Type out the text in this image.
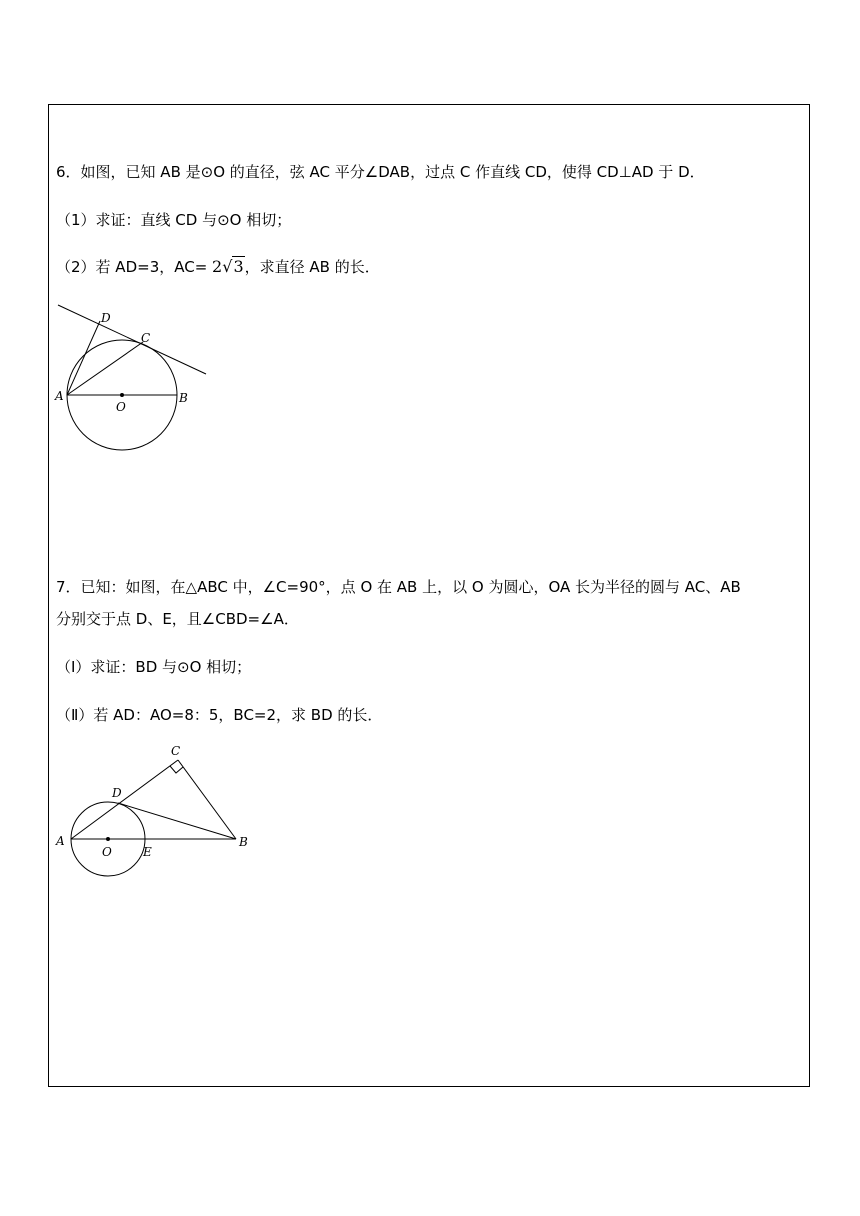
6．如图，已知 AB 是⊙O 的直径，弦 AC 平分∠DAB，过点 C 作直线 CD，使得 CD⊥AD 于 D．
（1）求证：直线 CD 与⊙O 相切；
（2）若 AD=3，AC= 2√3，求直径 AB 的长．
D
C
A
O
B
7．已知：如图，在△ABC 中，∠C=90°，点 O 在 AB 上，以 O 为圆心，OA 长为半径的圆与 AC、AB
分别交于点 D、E，且∠CBD=∠A．
（Ⅰ）求证：BD 与⊙O 相切；
（Ⅱ）若 AD：AO=8：5，BC=2，求 BD 的长．
C
D
A
O	E
B
